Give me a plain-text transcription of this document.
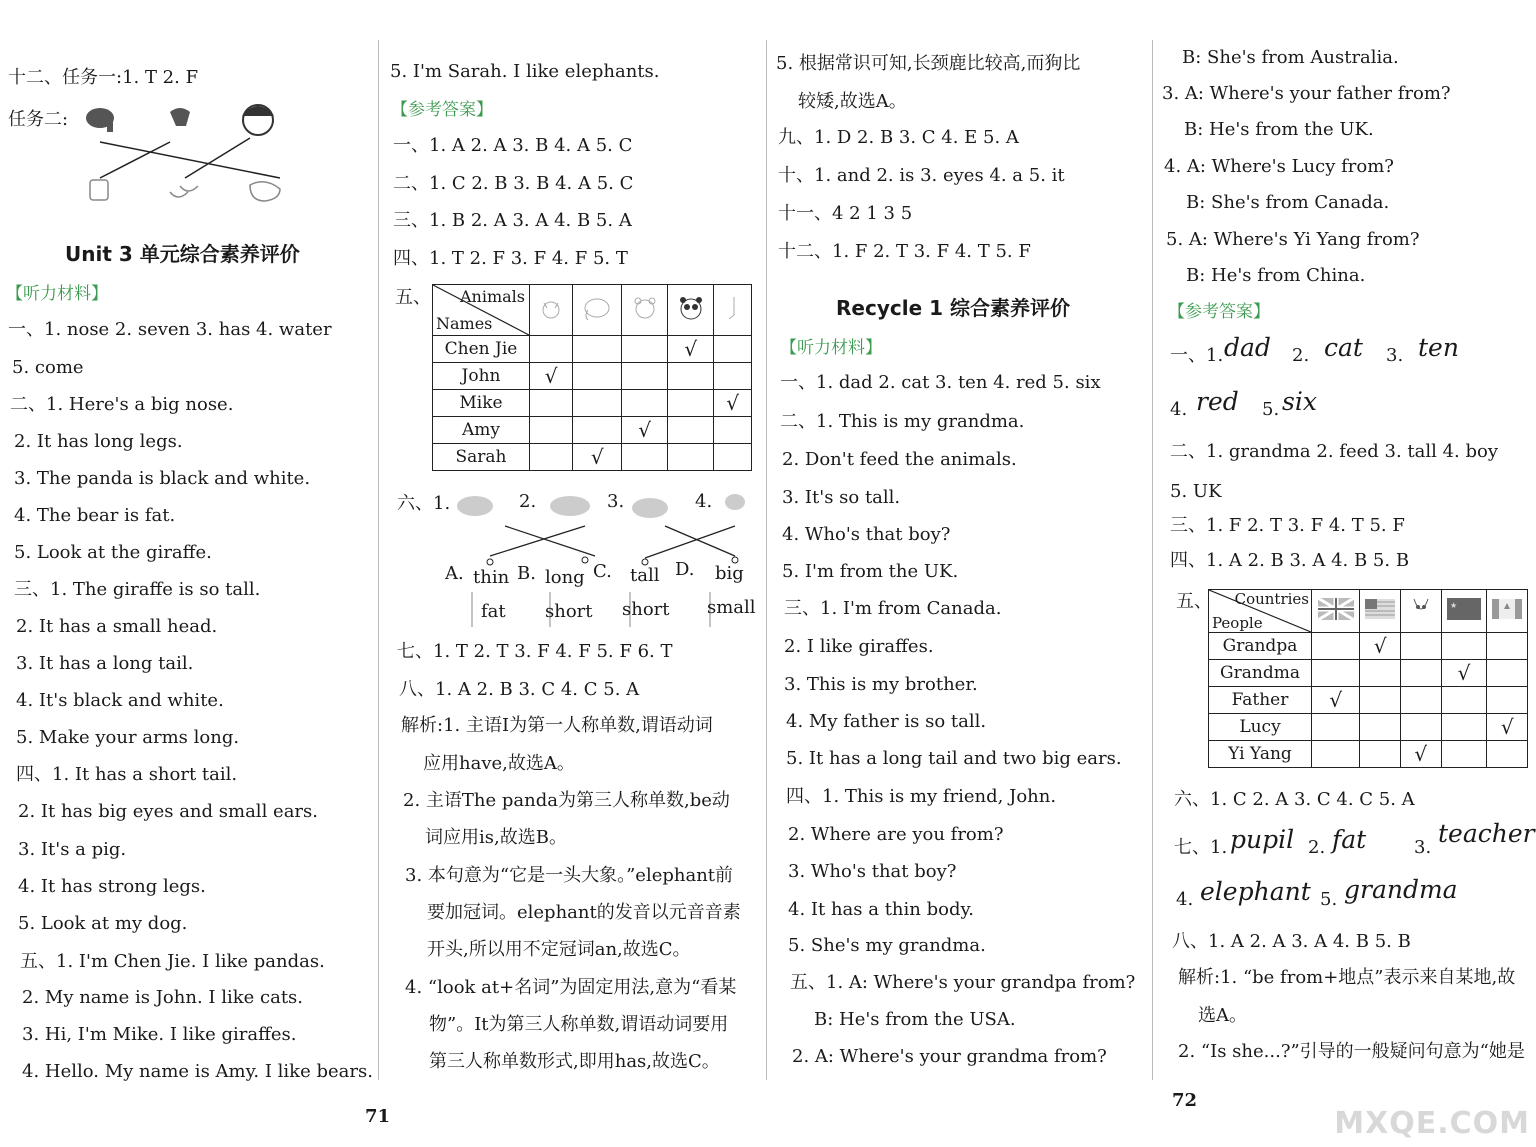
十二、任务一:1. T 2. F
任务二:
Unit 3 单元综合素养评价
【听力材料】
一、1. nose 2. seven 3. has 4. water
5. come
二、1. Here's a big nose.
2. It has long legs.
3. The panda is black and white.
4. The bear is fat.
5. Look at the giraffe.
三、1. The giraffe is so tall.
2. It has a small head.
3. It has a long tail.
4. It's black and white.
5. Make your arms long.
四、1. It has a short tail.
2. It has big eyes and small ears.
3. It's a pig.
4. It has strong legs.
5. Look at my dog.
五、1. I'm Chen Jie. I like pandas.
2. My name is John. I like cats.
3. Hi, I'm Mike. I like giraffes.
4. Hello. My name is Amy. I like bears.
71
5. I'm Sarah. I like elephants.
【参考答案】
一、1. A 2. A 3. B 4. A 5. C
二、1. C 2. B 3. B 4. A 5. C
三、1. B 2. A 3. A 4. B 5. A
四、1. T 2. F 3. F 4. F 5. T
五、 Animals
Names

Chen Jie				√	
John	√				
Mike					√
Amy			√		
Sarah		√			
六、1.	2.	3.	4.
A. thin B. long C. tall D. big
fat short short small
七、1. T 2. T 3. F 4. F 5. F 6. T
八、1. A 2. B 3. C 4. C 5. A
解析:1. 主语I为第一人称单数,谓语动词
应用have,故选A。
2. 主语The panda为第三人称单数,be动
词应用is,故选B。
3. 本句意为“它是一头大象。”elephant前
要加冠词。elephant的发音以元音音素
开头,所以用不定冠词an,故选C。
4. “look at+名词”为固定用法,意为“看某
物”。It为第三人称单数,谓语动词要用
第三人称单数形式,即用has,故选C。
5. 根据常识可知,长颈鹿比较高,而狗比
较矮,故选A。
九、1. D 2. B 3. C 4. E 5. A
十、1. and 2. is 3. eyes 4. a 5. it
十一、4 2 1 3 5
十二、1. F 2. T 3. F 4. T 5. F
Recycle 1 综合素养评价
【听力材料】
一、1. dad 2. cat 3. ten 4. red 5. six
二、1. This is my grandma.
2. Don't feed the animals.
3. It's so tall.
4. Who's that boy?
5. I'm from the UK.
三、1. I'm from Canada.
2. I like giraffes.
3. This is my brother.
4. My father is so tall.
5. It has a long tail and two big ears.
四、1. This is my friend, John.
2. Where are you from?
3. Who's that boy?
4. It has a thin body.
5. She's my grandma.
五、1. A: Where's your grandpa from?
B: He's from the USA.
2. A: Where's your grandma from?
B: She's from Australia.
3. A: Where's your father from?
B: He's from the UK.
4. A: Where's Lucy from?
B: She's from Canada.
5. A: Where's Yi Yang from?
B: He's from China.
【参考答案】
一、1. dad 2. cat 3. ten
4. red 5. six
二、1. grandma 2. feed 3. tall 4. boy
5. UK
三、1. F 2. T 3. F 4. T 5. F
四、1. A 2. B 3. A 4. B 5. B
五、 Countries
People				★

Grandpa		√			
Grandma				√	
Father	√				
Lucy					√
Yi Yang			√		
六、1. C 2. A 3. C 4. C 5. A
七、1. pupil 2. fat	3. teacher
4. elephant 5. grandma
八、1. A 2. A 3. A 4. B 5. B
解析:1. “be from+地点”表示来自某地,故
选A。
2. “Is she...?”引导的一般疑问句意为“她是
72
MXQE.COM
